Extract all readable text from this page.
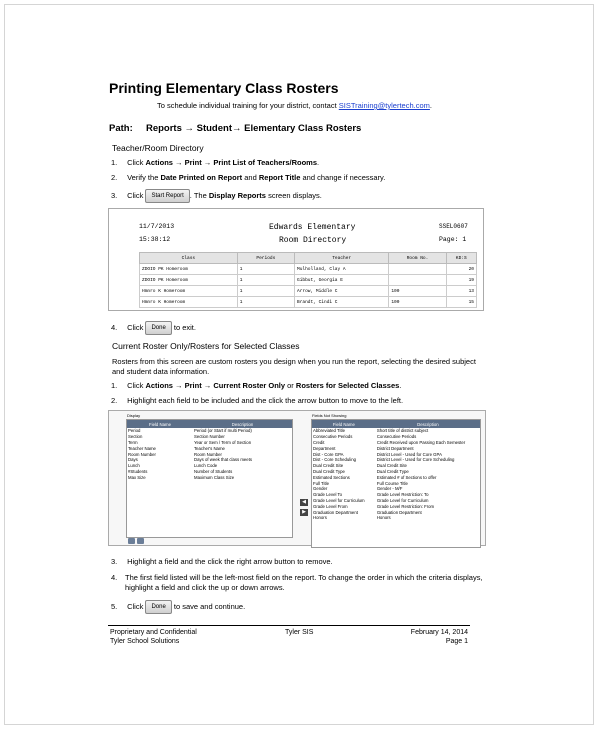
Printing Elementary Class Rosters
To schedule individual training for your district, contact SISTraining@tylertech.com.
Path: Reports → Student→ Elementary Class Rosters
Teacher/Room Directory
1. Click Actions → Print → Print List of Teachers/Rooms.
2. Verify the Date Printed on Report and Report Title and change if necessary.
3. Click Start Report . The Display Reports screen displays.
11/7/2013
15:38:12
Edwards Elementary
Room Directory
SSEL0607
Page: 1
Class	Periods	Teacher	Room No.	KD:S
ZDOIO PK Homeroom	1	Mulholland, Clay A		20
ZDOIO PK Homeroom	1	Gibbut, Georgia E		19
Hmnro K Homeroom	1	Arrow, Middle C	100	13
Hmnro K Homeroom	1	Brandt, Cindi C	100	15
4. Click Done to exit.
Current Roster Only/Rosters for Selected Classes
Rosters from this screen are custom rosters you design when you run the report, selecting the desired subject and student data information.
1. Click Actions → Print → Current Roster Only or Rosters for Selected Classes.
2. Highlight each field to be included and the click the arrow button to move to the left.
Display
Field Name	Description
Period	Period (or Start if multi Period)
Section	Section Number
Term	Year or Sem / Term of Section
Teacher Name	Teacher's Name
Room Number	Room Number
Days	Days of week that class meets
Lunch	Lunch Code
#Students	Number of Students
Max Size	Maximum Class Size
◀
▶
Fields Not Showing
Field Name	Description
Abbreviated Title	Short title of district subject
Consecutive Periods	Consecutive Periods
Credit	Credit Received upon Passing Each Semester
Department	District Department
Dist - Core GPA	District Level - Used for Core GPA
Dist - Core Scheduling	District Level - Used for Core Scheduling
Dual Credit Site	Dual Credit Site
Dual Credit Type	Dual Credit Type
Estimated Sections	Estimated # of Sections to offer
Full Title	Full Course Title
Gender	Gender - M/F
Grade Level To	Grade Level Restriction: To
Grade Level for Curriculum	Grade Level for Curriculum
Grade Level From	Grade Level Restriction: From
Graduation Department	Graduation Department
Honors	Honors
3. Highlight a field and the click the right arrow button to remove.
4.	The first field listed will be the left-most field on the report. To change the order in which the criteria displays, highlight a field and click the up or down arrows.
5. Click Done to save and continue.
Proprietary and Confidential
Tyler School Solutions
Tyler SIS	February 14, 2014
Page 1
